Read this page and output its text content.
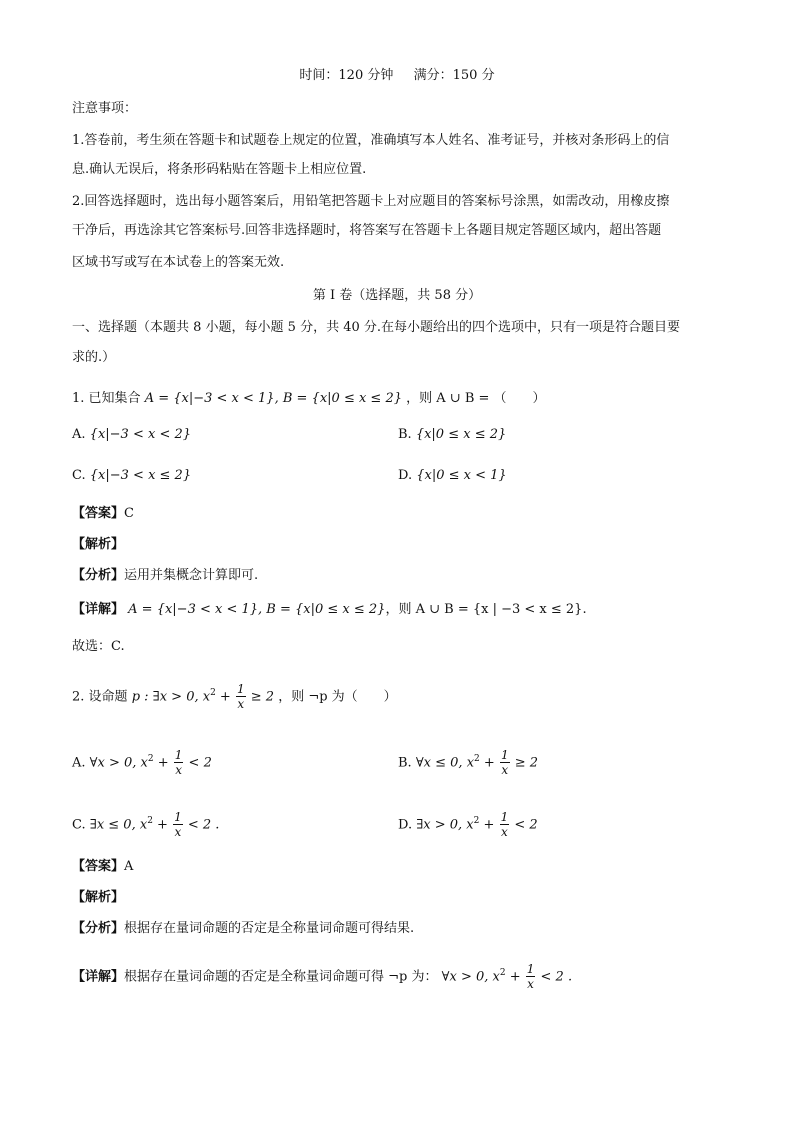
时间：120 分钟 满分：150 分
注意事项：
1.答卷前，考生须在答题卡和试题卷上规定的位置，准确填写本人姓名、准考证号，并核对条形码上的信
息.确认无误后，将条形码粘贴在答题卡上相应位置.
2.回答选择题时，选出每小题答案后，用铅笔把答题卡上对应题目的答案标号涂黑，如需改动，用橡皮擦
干净后，再选涂其它答案标号.回答非选择题时，将答案写在答题卡上各题目规定答题区域内，超出答题
区域书写或写在本试卷上的答案无效.
第 I 卷（选择题，共 58 分）
一、选择题（本题共 8 小题，每小题 5 分，共 40 分.在每小题给出的四个选项中，只有一项是符合题目要
求的.）
1. 已知集合 A = {x|−3 < x < 1}, B = {x|0 ≤ x ≤ 2} ，则 A ∪ B = （　　）
A. {x|−3 < x < 2}	B. {x|0 ≤ x ≤ 2}
C. {x|−3 < x ≤ 2}	D. {x|0 ≤ x < 1}
【答案】C
【解析】
【分析】运用并集概念计算即可.
【详解】 A = {x|−3 < x < 1}, B = {x|0 ≤ x ≤ 2}，则 A ∪ B = {x | −3 < x ≤ 2}.
故选：C.
2. 设命题 p : ∃x > 0, $x^2 + \frac{1}{x} \ge 2$ ，则 ¬p 为（　　）
A. ∀x > 0, $x^2 + \frac{1}{x} < 2$	B. ∀x ≤ 0, $x^2 + \frac{1}{x} \ge 2$
C. ∃x ≤ 0, $x^2 + \frac{1}{x} < 2$ .	D. ∃x > 0, $x^2 + \frac{1}{x} < 2$
【答案】A
【解析】
【分析】根据存在量词命题的否定是全称量词命题可得结果.
【详解】根据存在量词命题的否定是全称量词命题可得 ¬p 为： ∀x > 0, $x^2 + \frac{1}{x} < 2$ .
